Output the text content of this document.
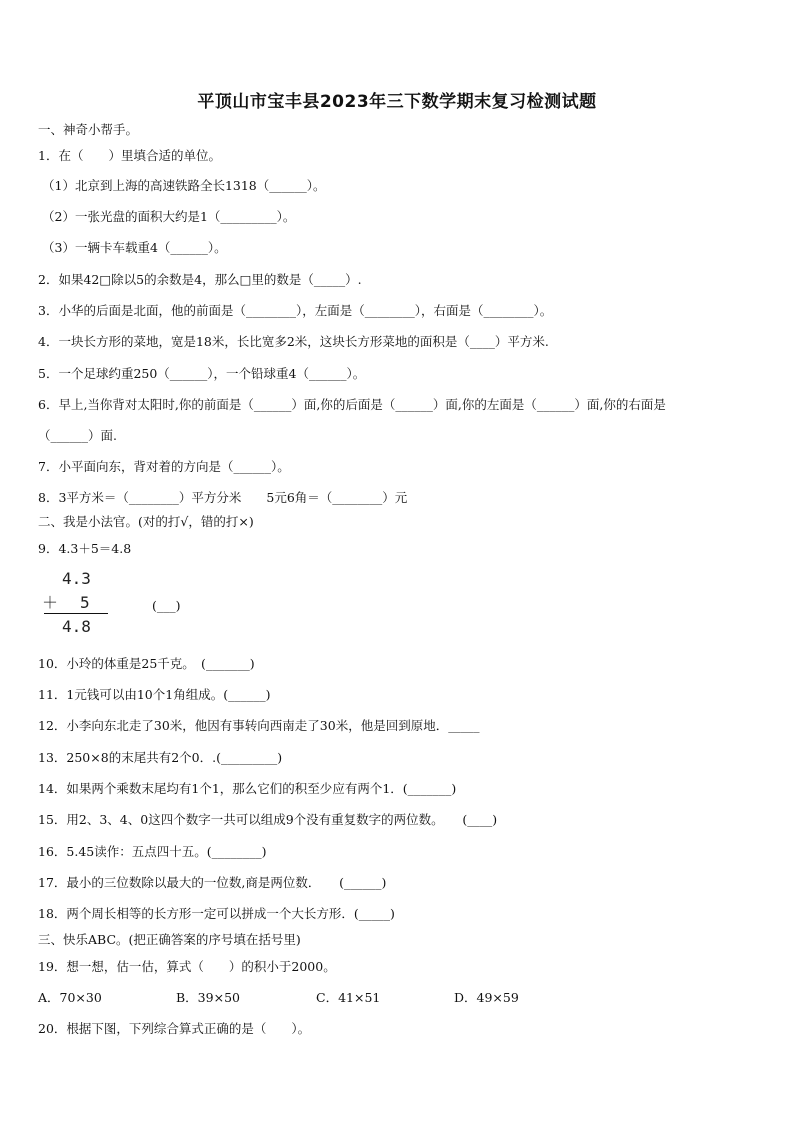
平顶山市宝丰县2023年三下数学期末复习检测试题
一、神奇小帮手。
1．在（　　）里填合适的单位。
（1）北京到上海的高速铁路全长1318（______）。
（2）一张光盘的面积大约是1（_________）。
（3）一辆卡车载重4（______）。
2．如果42□除以5的余数是4，那么□里的数是（_____）.
3．小华的后面是北面，他的前面是（________），左面是（________），右面是（________）。
4．一块长方形的菜地，宽是18米，长比宽多2米，这块长方形菜地的面积是（____）平方米.
5．一个足球约重250（______），一个铅球重4（______）。
6．早上,当你背对太阳时,你的前面是（______）面,你的后面是（______）面,你的左面是（______）面,你的右面是
（______）面.
7．小平面向东，背对着的方向是（______）。
8．3平方米＝（________）平方分米　　5元6角＝（________）元
二、我是小法官。(对的打√，错的打×)
9．4.3＋5＝4.8
4.3
＋ 5
4.8
(___)
10．小玲的体重是25千克。　(_______)
11．1元钱可以由10个1角组成。(______)
12．小李向东北走了30米，他因有事转向西南走了30米，他是回到原地．_____
13．250×8的末尾共有2个0．.(_________)
14．如果两个乘数末尾均有1个1，那么它们的积至少应有两个1．(_______)
15．用2、3、4、0这四个数字一共可以组成9个没有重复数字的两位数。　　(____)
16．5.45读作：五点四十五。(________)
17．最小的三位数除以最大的一位数,商是两位数．　　(______)
18．两个周长相等的长方形一定可以拼成一个大长方形．(_____)
三、快乐ABC。(把正确答案的序号填在括号里)
19．想一想，估一估，算式（　　）的积小于2000。
A．70×30	B．39×50	C．41×51	D．49×59
20．根据下图，下列综合算式正确的是（　　）。
